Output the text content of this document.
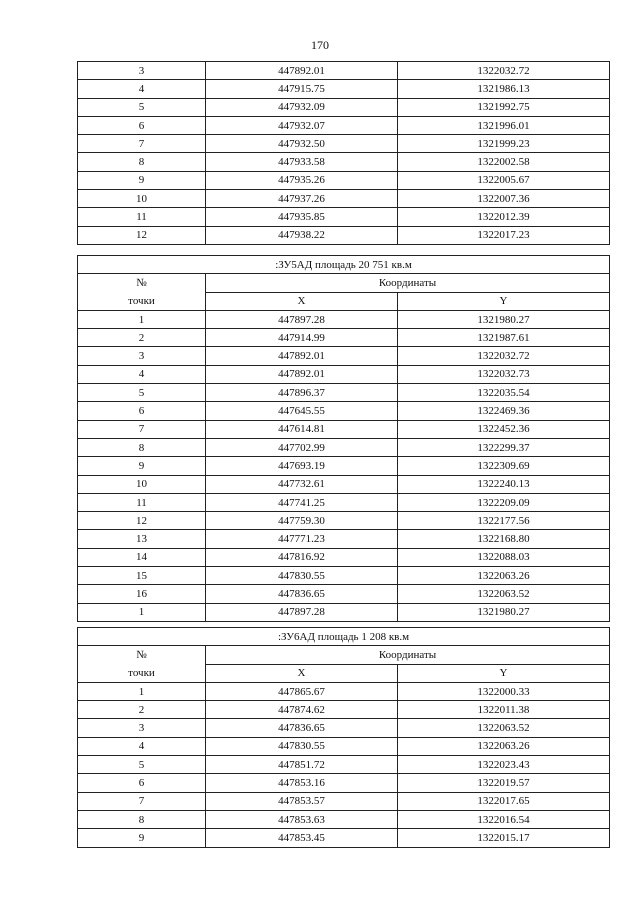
170
3	447892.01	1322032.72
4	447915.75	1321986.13
5	447932.09	1321992.75
6	447932.07	1321996.01
7	447932.50	1321999.23
8	447933.58	1322002.58
9	447935.26	1322005.67
10	447937.26	1322007.36
11	447935.85	1322012.39
12	447938.22	1322017.23
:ЗУ5АД площадь 20 751 кв.м		
№	Координаты	
точки	X	Y
1	447897.28	1321980.27
2	447914.99	1321987.61
3	447892.01	1322032.72
4	447892.01	1322032.73
5	447896.37	1322035.54
6	447645.55	1322469.36
7	447614.81	1322452.36
8	447702.99	1322299.37
9	447693.19	1322309.69
10	447732.61	1322240.13
11	447741.25	1322209.09
12	447759.30	1322177.56
13	447771.23	1322168.80
14	447816.92	1322088.03
15	447830.55	1322063.26
16	447836.65	1322063.52
1	447897.28	1321980.27
:ЗУ6АД площадь 1 208 кв.м		
№	Координаты	
точки	X	Y
1	447865.67	1322000.33
2	447874.62	1322011.38
3	447836.65	1322063.52
4	447830.55	1322063.26
5	447851.72	1322023.43
6	447853.16	1322019.57
7	447853.57	1322017.65
8	447853.63	1322016.54
9	447853.45	1322015.17
